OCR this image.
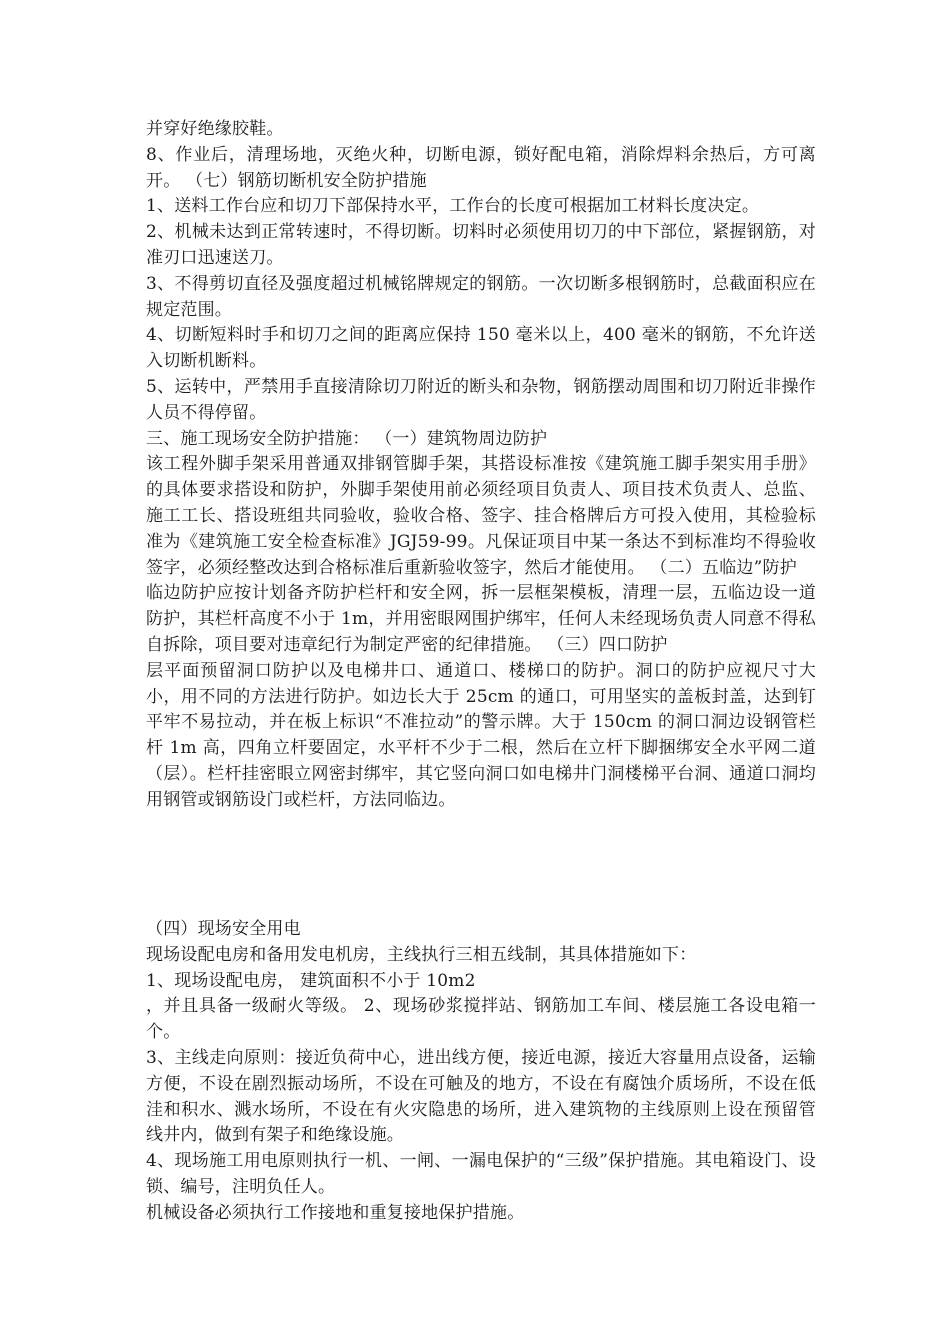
并穿好绝缘胶鞋。

8、作业后，清理场地，灭绝火种，切断电源，锁好配电箱，消除焊料余热后，方可离开。 （七）钢筋切断机安全防护措施

1、送料工作台应和切刀下部保持水平，工作台的长度可根据加工材料长度决定。

2、机械未达到正常转速时，不得切断。切料时必须使用切刀的中下部位，紧握钢筋，对准刃口迅速送刀。

3、不得剪切直径及强度超过机械铭牌规定的钢筋。一次切断多根钢筋时，总截面积应在规定范围。

4、切断短料时手和切刀之间的距离应保持 150 毫米以上，400 毫米的钢筋，不允许送入切断机断料。

5、运转中，严禁用手直接清除切刀附近的断头和杂物，钢筋摆动周围和切刀附近非操作人员不得停留。

三、施工现场安全防护措施： （一）建筑物周边防护

该工程外脚手架采用普通双排钢管脚手架，其搭设标准按《建筑施工脚手架实用手册》的具体要求搭设和防护，外脚手架使用前必须经项目负责人、项目技术负责人、总监、施工工长、搭设班组共同验收，验收合格、签字、挂合格牌后方可投入使用，其检验标准为《建筑施工安全检查标准》JGJ59-99。凡保证项目中某一条达不到标准均不得验收签字，必须经整改达到合格标准后重新验收签字，然后才能使用。 （二）五临边”防护

临边防护应按计划备齐防护栏杆和安全网，拆一层框架模板，清理一层，五临边设一道防护，其栏杆高度不小于 1m，并用密眼网围护绑牢，任何人未经现场负责人同意不得私自拆除，项目要对违章纪行为制定严密的纪律措施。 （三）四口防护

层平面预留洞口防护以及电梯井口、通道口、楼梯口的防护。洞口的防护应视尺寸大小，用不同的方法进行防护。如边长大于 25cm 的通口，可用坚实的盖板封盖，达到钉平牢不易拉动，并在板上标识“不准拉动”的警示牌。大于 150cm 的洞口洞边设钢管栏杆 1m 高，四角立杆要固定，水平杆不少于二根，然后在立杆下脚捆绑安全水平网二道（层）。栏杆挂密眼立网密封绑牢，其它竖向洞口如电梯井门洞楼梯平台洞、通道口洞均用钢管或钢筋设门或栏杆，方法同临边。

（四）现场安全用电

现场设配电房和备用发电机房，主线执行三相五线制，其具体措施如下：

1、现场设配电房， 建筑面积不小于 10m2

，并且具备一级耐火等级。 2、现场砂浆搅拌站、钢筋加工车间、楼层施工各设电箱一个。

3、主线走向原则：接近负荷中心，进出线方便，接近电源，接近大容量用点设备，运输方便，不设在剧烈振动场所，不设在可触及的地方，不设在有腐蚀介质场所，不设在低洼和积水、溅水场所，不设在有火灾隐患的场所，进入建筑物的主线原则上设在预留管线井内，做到有架子和绝缘设施。

4、现场施工用电原则执行一机、一闸、一漏电保护的“三级”保护措施。其电箱设门、设锁、编号，注明负任人。

机械设备必须执行工作接地和重复接地保护措施。
